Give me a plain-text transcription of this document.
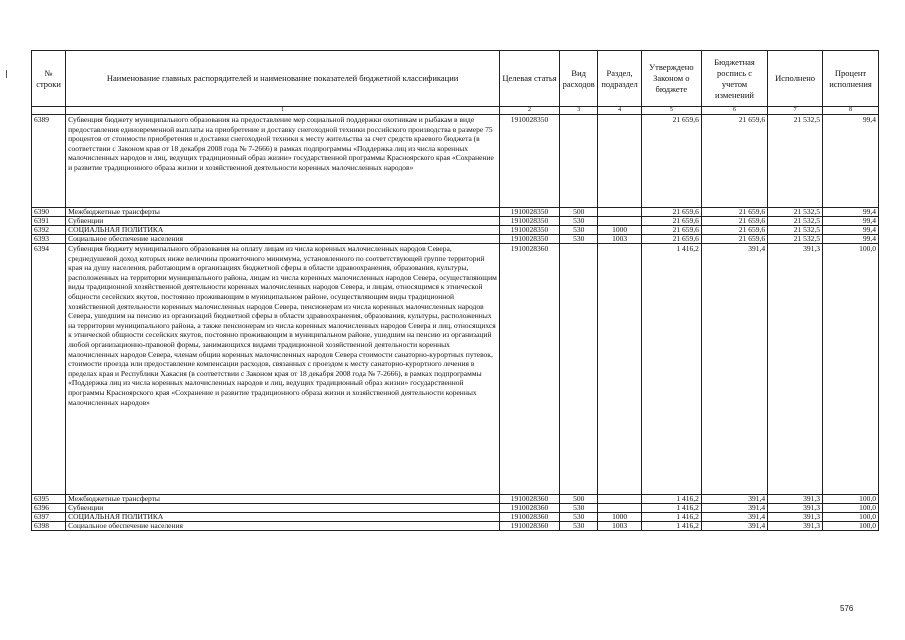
№ строки	Наименование главных распорядителей и наименование показателей бюджетной классификации	Целевая статья	Вид расходов	Раздел, подраздел	Утверждено Законом о бюджете	Бюджетная роспись с учетом изменений	Исполнено	Процент исполнения
	1	2	3	4	5	6	7	8
6389	Субвенция бюджету муниципального образования на предоставление мер социальной поддержки охотникам и рыбакам в виде предоставления единовременной выплаты на приобретение и доставку снегоходной техники российского производства в размере 75 процентов от стоимости приобретения и доставки снегоходной техники к месту жительства за счет средств краевого бюджета (в соответствии с Законом края от 18 декабря 2008 года № 7-2666) в рамках подпрограммы «Поддержка лиц из числа коренных малочисленных народов и лиц, ведущих традиционный образ жизни» государственной программы Красноярского края «Сохранение и развитие традиционного образа жизни и хозяйственной деятельности коренных малочисленных народов»	1910028350			21 659,6	21 659,6	21 532,5	99,4
6390	Межбюджетные трансферты	1910028350	500		21 659,6	21 659,6	21 532,5	99,4
6391	Субвенции	1910028350	530		21 659,6	21 659,6	21 532,5	99,4
6392	СОЦИАЛЬНАЯ ПОЛИТИКА	1910028350	530	1000	21 659,6	21 659,6	21 532,5	99,4
6393	Социальное обеспечение населения	1910028350	530	1003	21 659,6	21 659,6	21 532,5	99,4
6394	Субвенция бюджету муниципального образования на оплату лицам из числа коренных малочисленных народов Севера, среднедушевой доход которых ниже величины прожиточного минимума, установленного по соответствующей группе территорий края на душу населения, работающим в организациях бюджетной сферы в области здравоохранения, образования, культуры, расположенных на территории муниципального района, лицам из числа коренных малочисленных народов Севера, осуществляющим виды традиционной хозяйственной деятельности коренных малочисленных народов Севера, и лицам, относящимся к этнической общности сесейских якутов, постоянно проживающим в муниципальном районе, осуществляющим виды традиционной хозяйственной деятельности коренных малочисленных народов Севера, пенсионерам из числа коренных малочисленных народов Севера, ушедшим на пенсию из организаций бюджетной сферы в области здравоохранения, образования, культуры, расположенных на территории муниципального района, а также пенсионерам из числа коренных малочисленных народов Севера и лиц, относящихся к этнической общности сесейских якутов, постоянно проживающим в муниципальном районе, ушедшим на пенсию из организаций любой организационно-правовой формы, занимающихся видами традиционной хозяйственной деятельности коренных малочисленных народов Севера, членам общин коренных малочисленных народов Севера стоимости санаторно-курортных путевок, стоимости проезда или предоставление компенсации расходов, связанных с проездом к месту санаторно-курортного лечения в пределах края и Республики Хакасия (в соответствии с Законом края от 18 декабря 2008 года № 7-2666), в рамках подпрограммы «Поддержка лиц из числа коренных малочисленных народов и лиц, ведущих традиционный образ жизни» государственной программы Красноярского края «Сохранение и развитие традиционного образа жизни и хозяйственной деятельности коренных малочисленных народов»	1910028360			1 416,2	391,4	391,3	100,0
6395	Межбюджетные трансферты	1910028360	500		1 416,2	391,4	391,3	100,0
6396	Субвенции	1910028360	530		1 416,2	391,4	391,3	100,0
6397	СОЦИАЛЬНАЯ ПОЛИТИКА	1910028360	530	1000	1 416,2	391,4	391,3	100,0
6398	Социальное обеспечение населения	1910028360	530	1003	1 416,2	391,4	391,3	100,0
576
